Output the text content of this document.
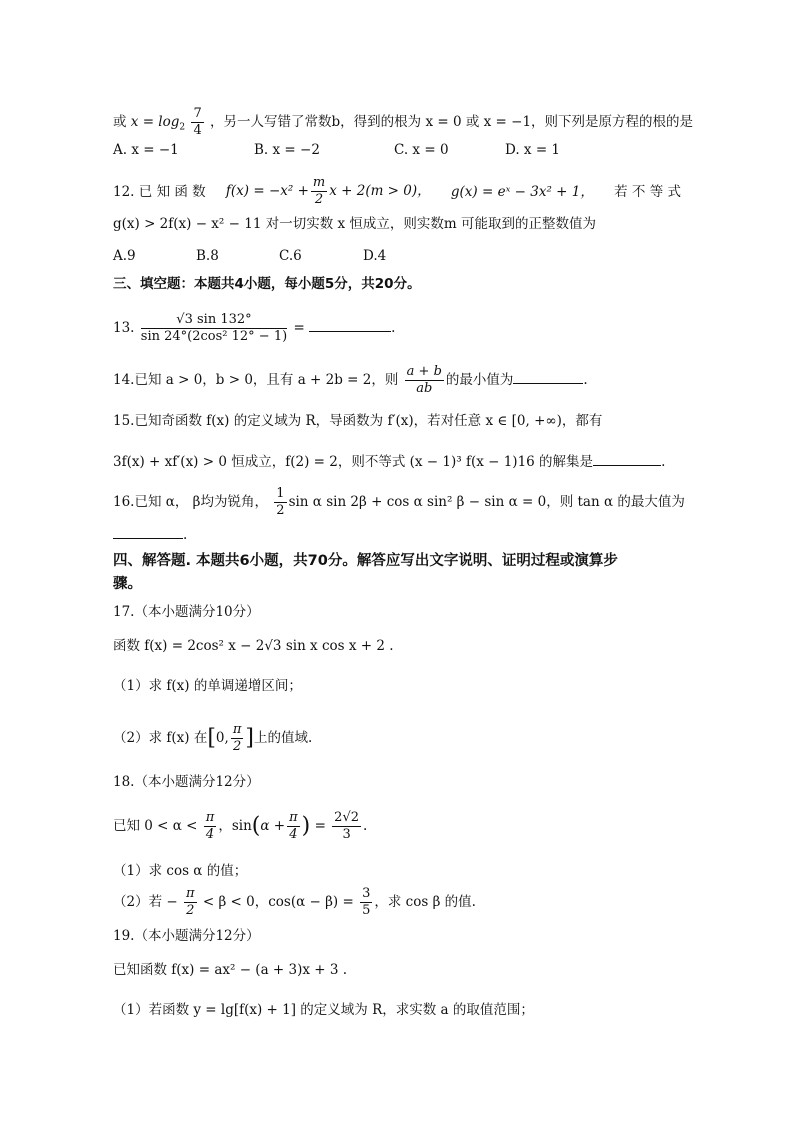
或 $x = \log_2 \frac{7}{4}$ ，另一人写错了常数b，得到的根为 x = 0 或 x = −1，则下列是原方程的根的是
A. x = −1	B. x = −2	C. x = 0	D. x = 1
12. 已 知 函 数 $f(x) = -x^2 + \frac{m}{2}$ x + 2(m > 0)， g(x) = eˣ − 3x² + 1， 若 不 等 式
g(x) > 2f(x) − x² − 11 对一切实数 x 恒成立，则实数m 可能取到的正整数值为
A.9	B.8	C.6	D.4
三、填空题：本题共4小题，每小题5分，共20分。
13. $\frac{√3 \sin 132^\circ}{\text{sin 24°(2cos² 12° − 1)}}$ =	.
14.已知 a > 0，b > 0，且有 a + 2b = 2，则 $\frac{a + b}{ab}$ 的最小值为	.
15.已知奇函数 f(x) 的定义域为 R，导函数为 f′(x)，若对任意 x ∈ [0, +∞)，都有
3f(x) + xf′(x) > 0 恒成立，f(2) = 2，则不等式 (x − 1)³ f(x − 1)16 的解集是	.
16.已知 α， β均为锐角， $\frac{1}{2}$ sin α sin 2β + cos α sin² β − sin α = 0，则 tan α 的最大值为
.
四、解答题. 本题共6小题，共70分。解答应写出文字说明、证明过程或演算步
骤。
17.（本小题满分10分）
函数 f(x) = 2cos² x − 2√3 sin x cos x + 2 .
（1）求 f(x) 的单调递增区间；
（2）求 f(x) 在[0, $\frac{\pi}{2}$ ]上的值域.
18.（本小题满分12分）
已知 $0 < \alpha < \frac{\pi}{4}$ ，$\sin(\alpha + \frac{\pi}{4}$ ) = $\frac{2√2}{3}$ .
（1）求 cos α 的值；
（2）若 − $\frac{\pi}{2} < \beta < 0$，$\cos(\alpha - \beta) = \frac{3}{5}$ ，求 cos β 的值.
19.（本小题满分12分）
已知函数 f(x) = ax² − (a + 3)x + 3 .
（1）若函数 y = lg[f(x) + 1] 的定义域为 R，求实数 a 的取值范围；
